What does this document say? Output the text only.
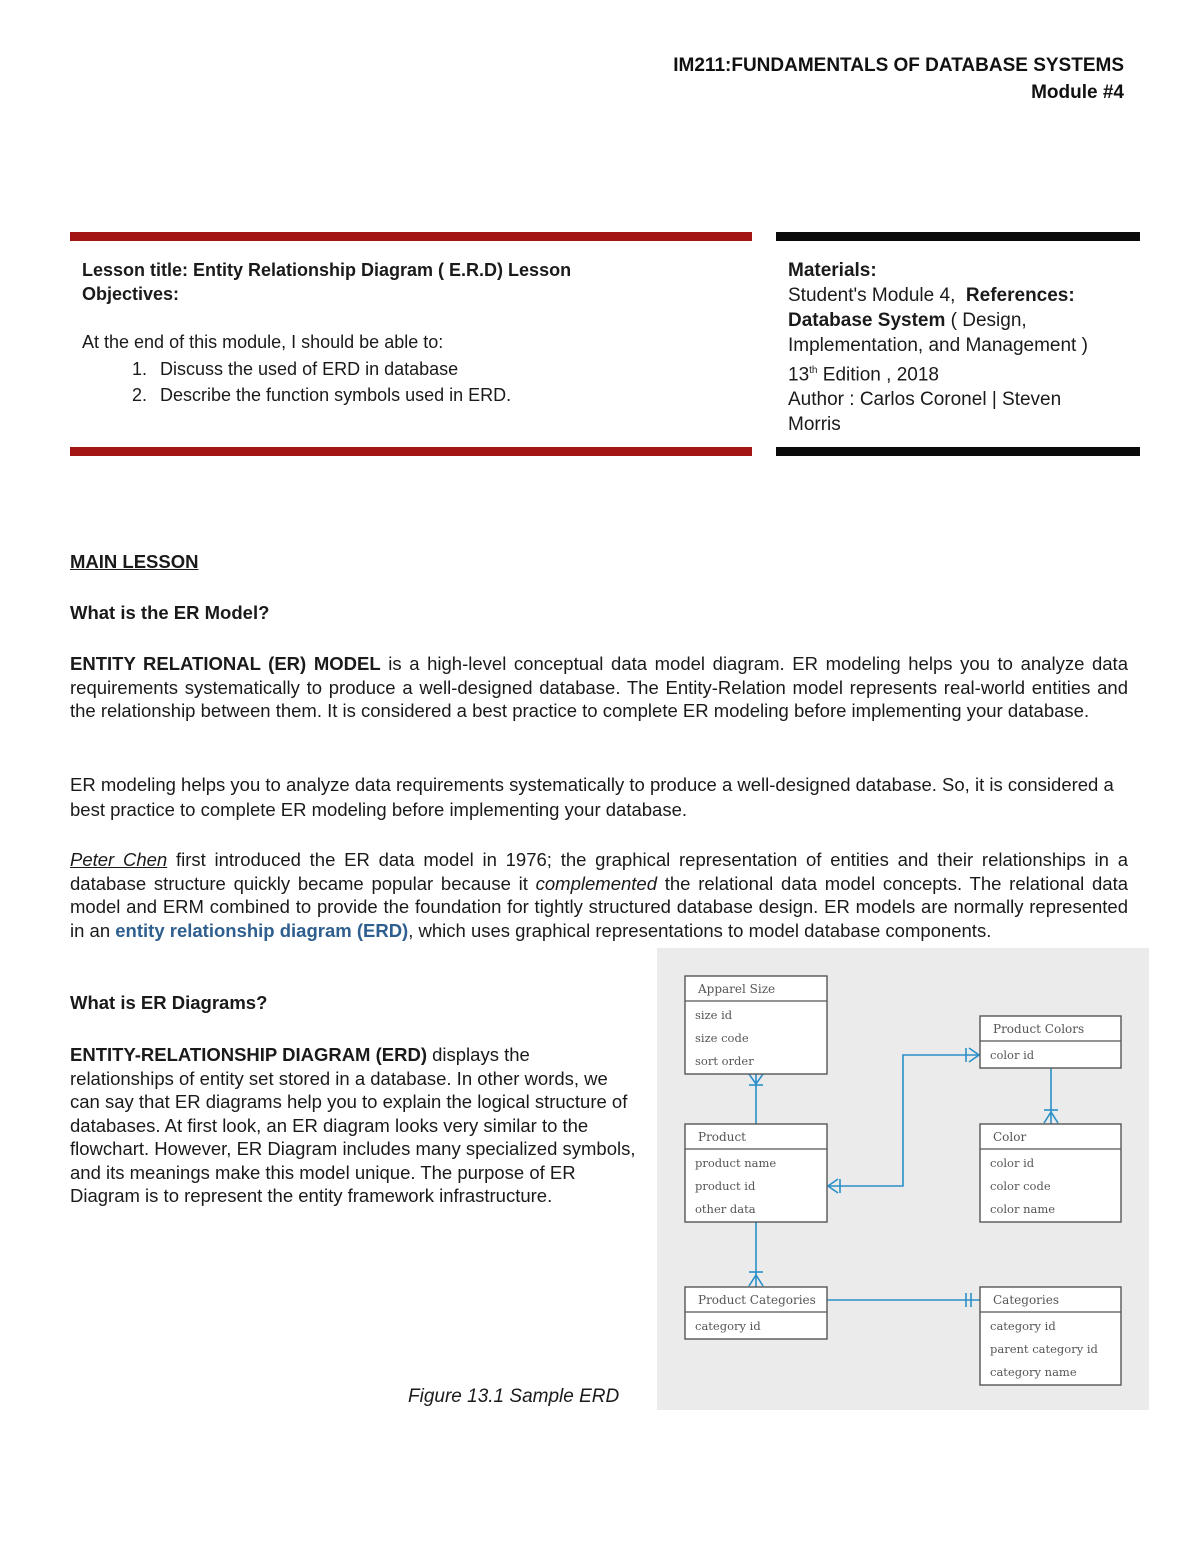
IM211:FUNDAMENTALS OF DATABASE SYSTEMS
Module #4
Lesson title: Entity Relationship Diagram ( E.R.D) Lesson
Objectives:
At the end of this module, I should be able to:
1. Discuss the used of ERD in database
2. Describe the function symbols used in ERD.
Materials:
Student's Module 4, References:
Database System ( Design,
Implementation, and Management )
13th Edition , 2018
Author : Carlos Coronel | Steven
Morris
MAIN LESSON
What is the ER Model?
ENTITY RELATIONAL (ER) MODEL is a high-level conceptual data model diagram. ER modeling helps you to analyze data requirements systematically to produce a well-designed database. The Entity-Relation model represents real-world entities and the relationship between them. It is considered a best practice to complete ER modeling before implementing your database.
ER modeling helps you to analyze data requirements systematically to produce a well-designed database. So, it is considered a best practice to complete ER modeling before implementing your database.
Peter Chen first introduced the ER data model in 1976; the graphical representation of entities and their relationships in a database structure quickly became popular because it complemented the relational data model concepts. The relational data model and ERM combined to provide the foundation for tightly structured database design. ER models are normally represented in an entity relationship diagram (ERD), which uses graphical representations to model database components.
What is ER Diagrams?
ENTITY-RELATIONSHIP DIAGRAM (ERD) displays the relationships of entity set stored in a database. In other words, we can say that ER diagrams help you to explain the logical structure of databases. At first look, an ER diagram looks very similar to the flowchart. However, ER Diagram includes many specialized symbols, and its meanings make this model unique. The purpose of ER Diagram is to represent the entity framework infrastructure.
Apparel Size
size id
size code
sort order
Product Colors
color id
Product
product name
product id
other data
Color
color id
color code
color name
Product Categories
category id
Categories
category id
parent category id
category name
Figure 13.1 Sample ERD
